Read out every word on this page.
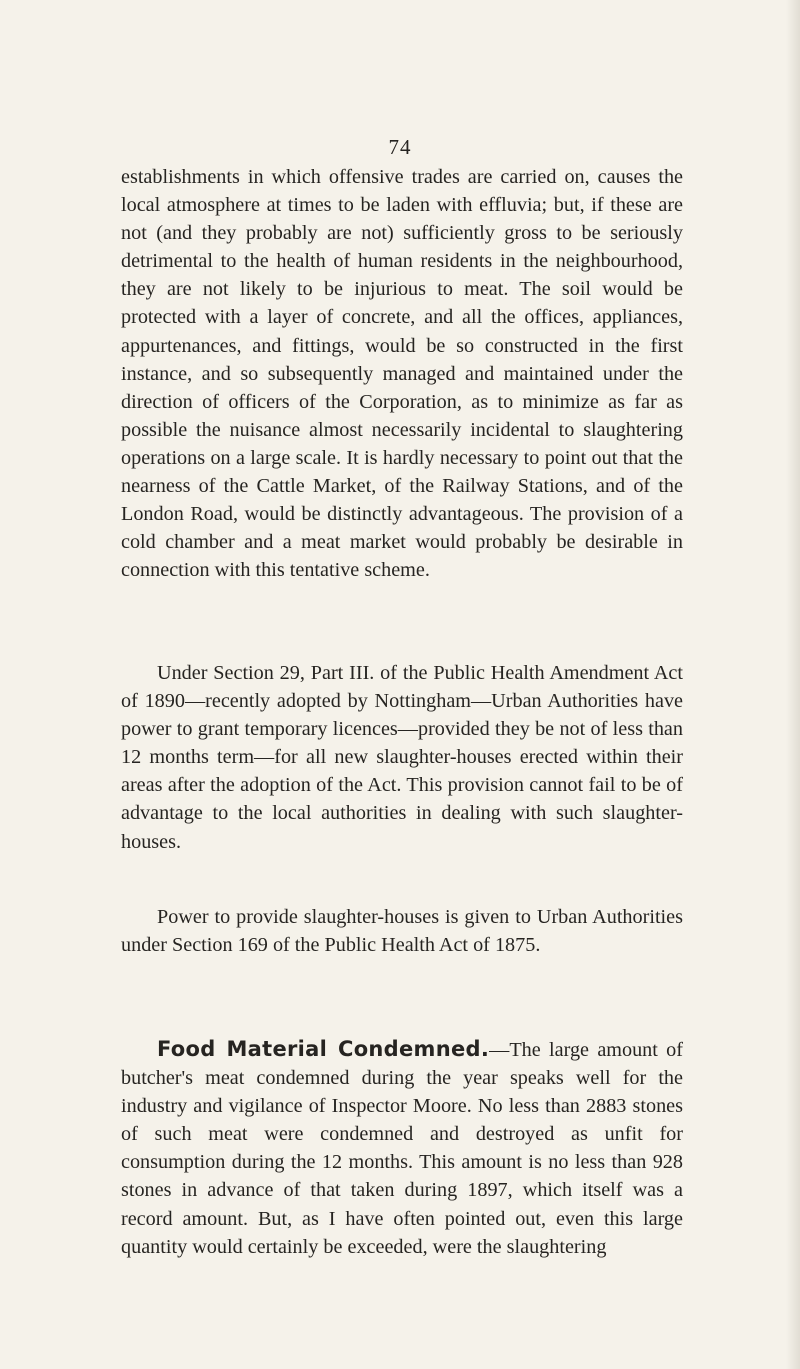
74

establishments in which offensive trades are carried on, causes the local atmosphere at times to be laden with effluvia; but, if these are not (and they probably are not) sufficiently gross to be seriously detrimental to the health of human residents in the neighbourhood, they are not likely to be injurious to meat. The soil would be protected with a layer of concrete, and all the offices, appliances, appurtenances, and fittings, would be so constructed in the first instance, and so subsequently managed and maintained under the direction of officers of the Corporation, as to minimize as far as possible the nuisance almost necessarily incidental to slaughtering operations on a large scale. It is hardly necessary to point out that the nearness of the Cattle Market, of the Railway Stations, and of the London Road, would be distinctly advantageous. The provision of a cold chamber and a meat market would probably be desirable in connection with this tentative scheme.

Under Section 29, Part III. of the Public Health Amendment Act of 1890—recently adopted by Nottingham—Urban Authorities have power to grant temporary licences—provided they be not of less than 12 months term—for all new slaughter-houses erected within their areas after the adoption of the Act. This provision cannot fail to be of advantage to the local authorities in dealing with such slaughter-houses.

Power to provide slaughter-houses is given to Urban Authorities under Section 169 of the Public Health Act of 1875.

Food Material Condemned.—The large amount of butcher's meat condemned during the year speaks well for the industry and vigilance of Inspector Moore. No less than 2883 stones of such meat were condemned and destroyed as unfit for consumption during the 12 months. This amount is no less than 928 stones in advance of that taken during 1897, which itself was a record amount. But, as I have often pointed out, even this large quantity would certainly be exceeded, were the slaughtering
